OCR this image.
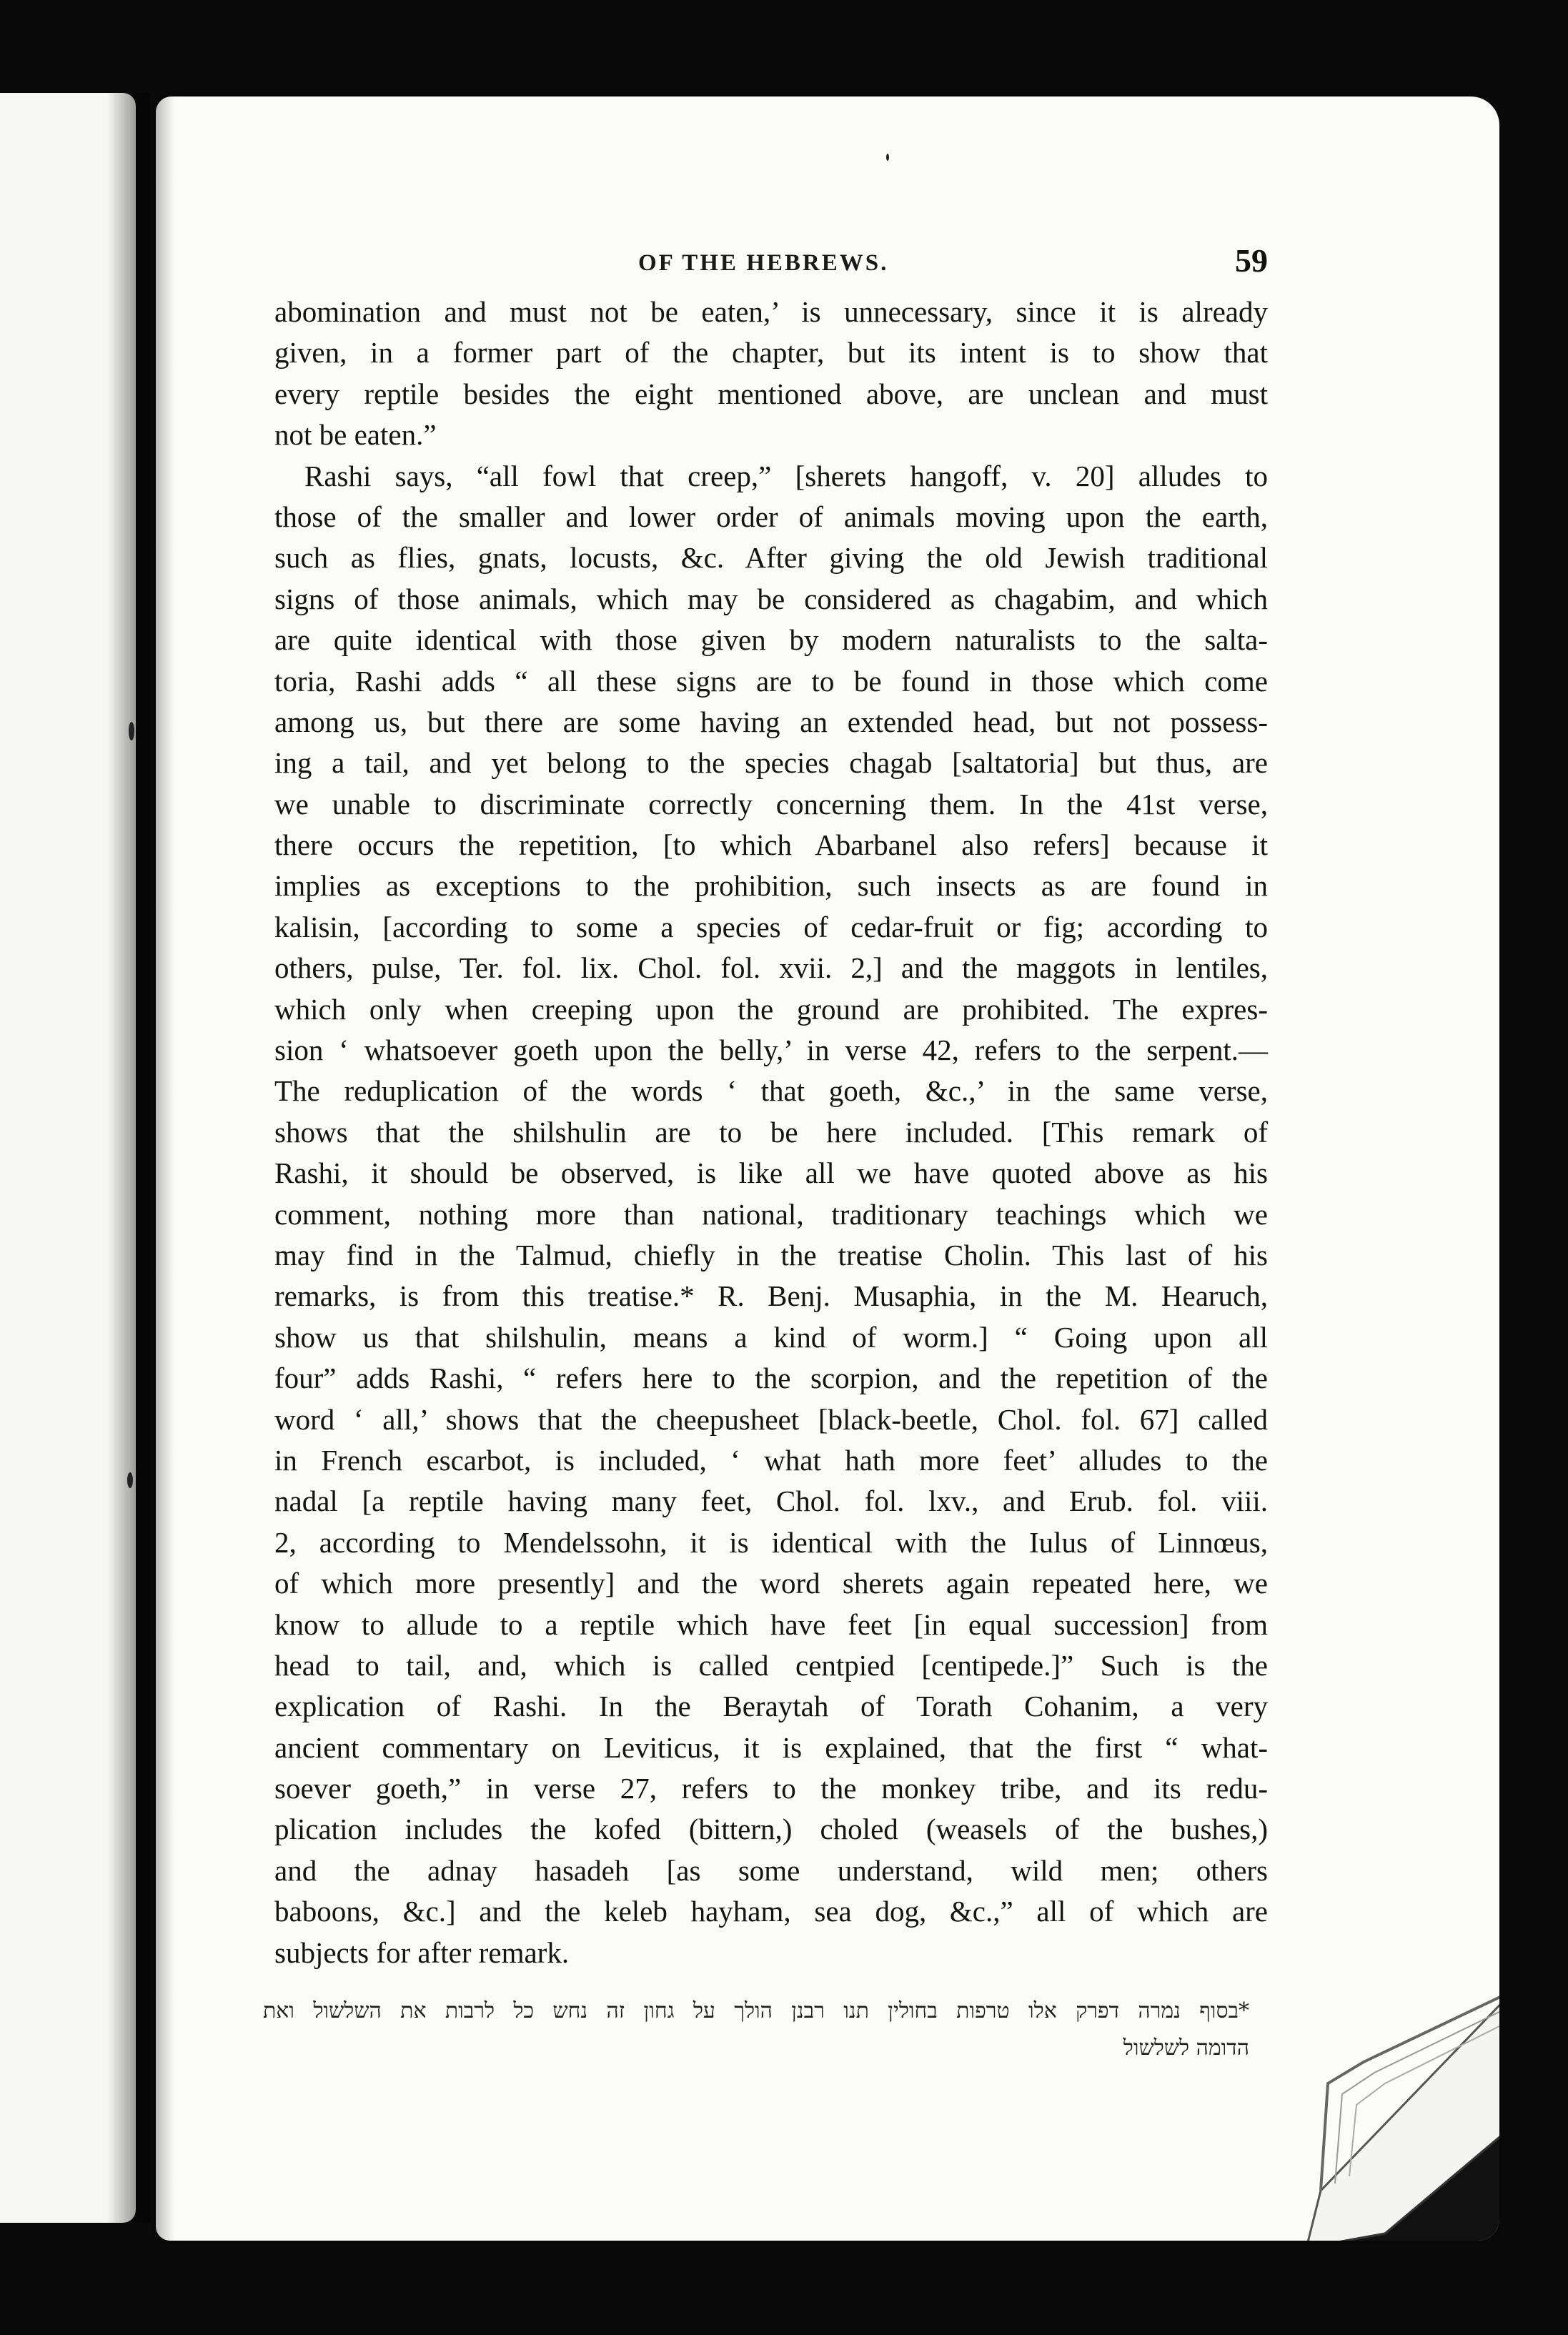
OF THE HEBREWS.	59
abomination and must not be eaten,’ is unnecessary, since it is already
given, in a former part of the chapter, but its intent is to show that
every reptile besides the eight mentioned above, are unclean and must
not be eaten.”
Rashi says, “all fowl that creep,” [sherets hangoff, v. 20] alludes to
those of the smaller and lower order of animals moving upon the earth,
such as flies, gnats, locusts, &c. After giving the old Jewish traditional
signs of those animals, which may be considered as chagabim, and which
are quite identical with those given by modern naturalists to the salta-
toria, Rashi adds “ all these signs are to be found in those which come
among us, but there are some having an extended head, but not possess-
ing a tail, and yet belong to the species chagab [saltatoria] but thus, are
we unable to discriminate correctly concerning them. In the 41st verse,
there occurs the repetition, [to which Abarbanel also refers] because it
implies as exceptions to the prohibition, such insects as are found in
kalisin, [according to some a species of cedar-fruit or fig; according to
others, pulse, Ter. fol. lix. Chol. fol. xvii. 2,] and the maggots in lentiles,
which only when creeping upon the ground are prohibited. The expres-
sion ‘ whatsoever goeth upon the belly,’ in verse 42, refers to the serpent.—
The reduplication of the words ‘ that goeth, &c.,’ in the same verse,
shows that the shilshulin are to be here included. [This remark of
Rashi, it should be observed, is like all we have quoted above as his
comment, nothing more than national, traditionary teachings which we
may find in the Talmud, chiefly in the treatise Cholin. This last of his
remarks, is from this treatise.* R. Benj. Musaphia, in the M. Hearuch,
show us that shilshulin, means a kind of worm.] “ Going upon all
four” adds Rashi, “ refers here to the scorpion, and the repetition of the
word ‘ all,’ shows that the cheepusheet [black-beetle, Chol. fol. 67] called
in French escarbot, is included, ‘ what hath more feet’ alludes to the
nadal [a reptile having many feet, Chol. fol. lxv., and Erub. fol. viii.
2, according to Mendelssohn, it is identical with the Iulus of Linnœus,
of which more presently] and the word sherets again repeated here, we
know to allude to a reptile which have feet [in equal succession] from
head to tail, and, which is called centpied [centipede.]” Such is the
explication of Rashi. In the Beraytah of Torath Cohanim, a very
ancient commentary on Leviticus, it is explained, that the first “ what-
soever goeth,” in verse 27, refers to the monkey tribe, and its redu-
plication includes the kofed (bittern,) choled (weasels of the bushes,)
and the adnay hasadeh [as some understand, wild men; others
baboons, &c.] and the keleb hayham, sea dog, &c.,” all of which are
subjects for after remark.
*בסוף נמרה דפרק אלו טרפות בחולין תנו רבנן הולך על גחון זה נחש כל לרבות את השלשול ואת
הדומה לשלשול
